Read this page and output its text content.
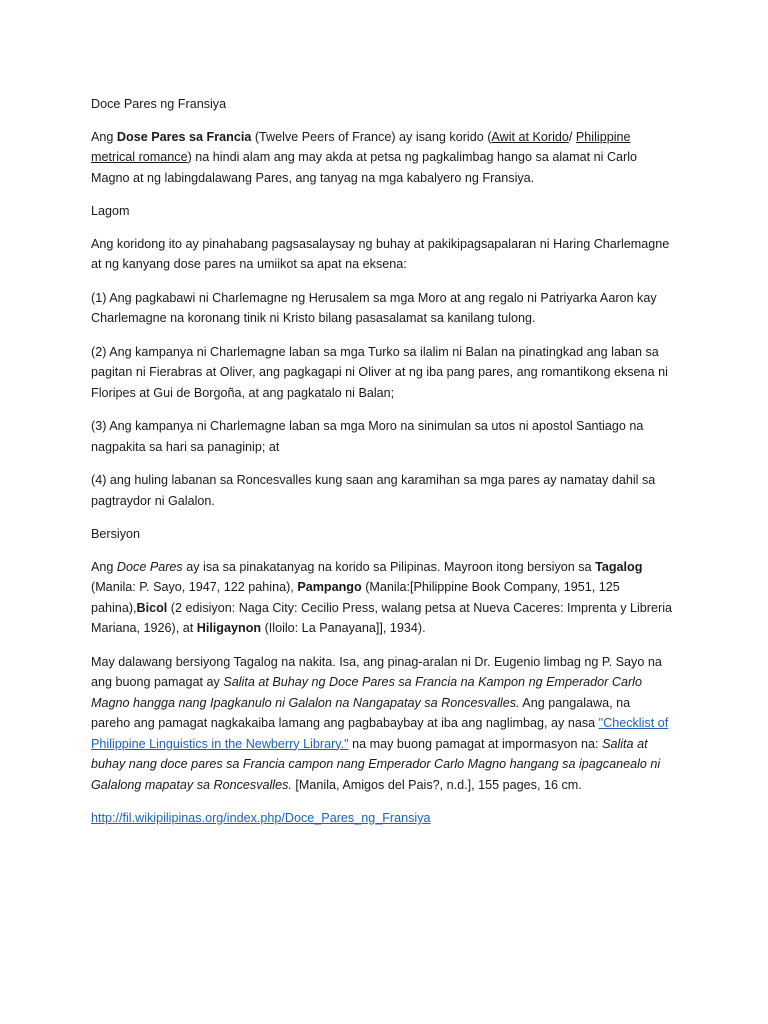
Doce Pares ng Fransiya

Ang Dose Pares sa Francia (Twelve Peers of France) ay isang korido (Awit at Korido/ Philippine metrical romance) na hindi alam ang may akda at petsa ng pagkalimbag hango sa alamat ni Carlo Magno at ng labingdalawang Pares, ang tanyag na mga kabalyero ng Fransiya.

Lagom

Ang koridong ito ay pinahabang pagsasalaysay ng buhay at pakikipagsapalaran ni Haring Charlemagne at ng kanyang dose pares na umiikot sa apat na eksena:

(1) Ang pagkabawi ni Charlemagne ng Herusalem sa mga Moro at ang regalo ni Patriyarka Aaron kay Charlemagne na koronang tinik ni Kristo bilang pasasalamat sa kanilang tulong.

(2) Ang kampanya ni Charlemagne laban sa mga Turko sa ilalim ni Balan na pinatingkad ang laban sa pagitan ni Fierabras at Oliver, ang pagkagapi ni Oliver at ng iba pang pares, ang romantikong eksena ni Floripes at Gui de Borgoña, at ang pagkatalo ni Balan;

(3) Ang kampanya ni Charlemagne laban sa mga Moro na sinimulan sa utos ni apostol Santiago na nagpakita sa hari sa panaginip; at

(4) ang huling labanan sa Roncesvalles kung saan ang karamihan sa mga pares ay namatay dahil sa pagtraydor ni Galalon.

Bersiyon

Ang Doce Pares ay isa sa pinakatanyag na korido sa Pilipinas. Mayroon itong bersiyon sa Tagalog (Manila: P. Sayo, 1947, 122 pahina), Pampango (Manila:[Philippine Book Company, 1951, 125 pahina),Bicol (2 edisiyon: Naga City: Cecilio Press, walang petsa at Nueva Caceres: Imprenta y Libreria Mariana, 1926), at Hiligaynon (Iloilo: La Panayana]], 1934).

May dalawang bersiyong Tagalog na nakita. Isa, ang pinag-aralan ni Dr. Eugenio limbag ng P. Sayo na ang buong pamagat ay Salita at Buhay ng Doce Pares sa Francia na Kampon ng Emperador Carlo Magno hangga nang Ipagkanulo ni Galalon na Nangapatay sa Roncesvalles. Ang pangalawa, na pareho ang pamagat nagkakaiba lamang ang pagbabaybay at iba ang naglimbag, ay nasa "Checklist of Philippine Linguistics in the Newberry Library." na may buong pamagat at impormasyon na: Salita at buhay nang doce pares sa Francia campon nang Emperador Carlo Magno hangang sa ipagcanealo ni Galalong mapatay sa Roncesvalles. [Manila, Amigos del Pais?, n.d.], 155 pages, 16 cm.

http://fil.wikipilipinas.org/index.php/Doce_Pares_ng_Fransiya
